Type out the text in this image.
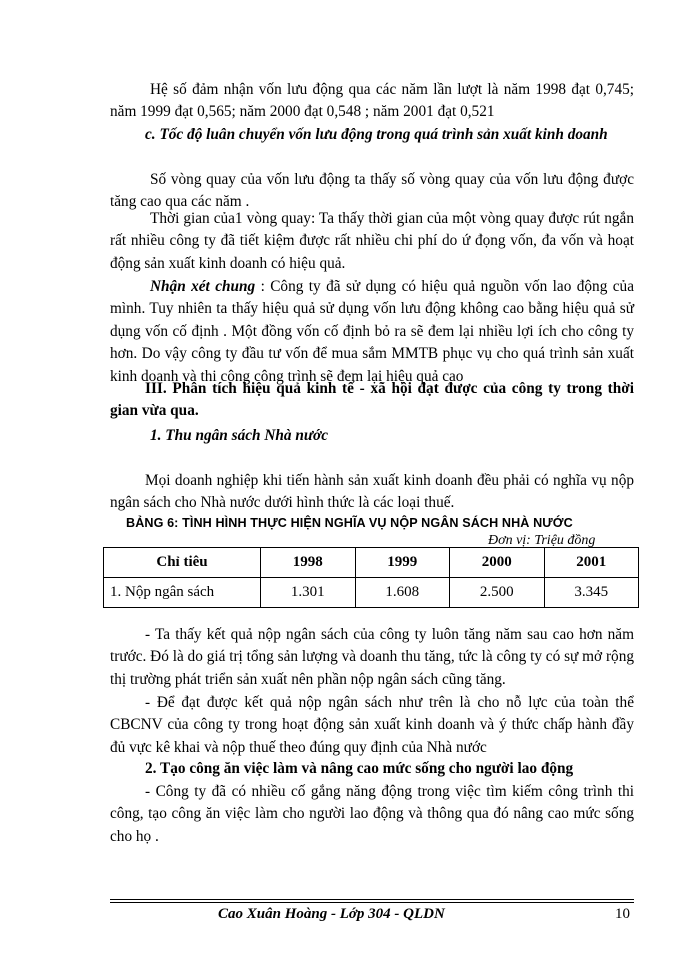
Hệ số đảm nhận vốn lưu động qua các năm lần lượt là năm 1998 đạt 0,745; năm 1999 đạt 0,565; năm 2000 đạt 0,548 ; năm 2001 đạt 0,521

c. Tốc độ luân chuyển vốn lưu động trong quá trình sản xuất kinh doanh

Số vòng quay của vốn lưu động ta thấy số vòng quay của vốn lưu động được tăng cao qua các năm .

Thời gian của1 vòng quay: Ta thấy thời gian của một vòng quay được rút ngắn rất nhiều công ty đã tiết kiệm được rất nhiều chi phí do ứ đọng vốn, đa vốn và hoạt động sản xuất kinh doanh có hiệu quả.

Nhận xét chung : Công ty đã sử dụng có hiệu quả nguồn vốn lao động của mình. Tuy nhiên ta thấy hiệu quả sử dụng vốn lưu động không cao bằng hiệu quả sử dụng vốn cố định . Một đồng vốn cố định bỏ ra sẽ đem lại nhiều lợi ích cho công ty hơn. Do vậy công ty đầu tư vốn để mua sắm MMTB phục vụ cho quá trình sản xuất kinh doanh và thi công công trình sẽ đem lại hiệu quả cao

III. Phân tích hiệu quả kinh tế - xã hội đạt được của công ty trong thời gian vừa qua.

1. Thu ngân sách Nhà nước

Mọi doanh nghiệp khi tiến hành sản xuất kinh doanh đều phải có nghĩa vụ nộp ngân sách cho Nhà nước dưới hình thức là các loại thuế.

BẢNG 6: TÌNH HÌNH THỰC HIỆN NGHĨA VỤ NỘP NGÂN SÁCH NHÀ NƯỚC
Đơn vị: Triệu đồng
Chỉ tiêu	1998	1999	2000	2001
1. Nộp ngân sách	1.301	1.608	2.500	3.345

- Ta thấy kết quả nộp ngân sách của công ty luôn tăng năm sau cao hơn năm trước. Đó là do giá trị tổng sản lượng và doanh thu tăng, tức là công ty có sự mở rộng thị trường phát triển sản xuất nên phần nộp ngân sách cũng tăng.

- Để đạt được kết quả nộp ngân sách như trên là cho nỗ lực của toàn thể CBCNV của công ty trong hoạt động sản xuất kinh doanh và ý thức chấp hành đầy đủ vực kê khai và nộp thuế theo đúng quy định của Nhà nước

2. Tạo công ăn việc làm và nâng cao mức sống cho người lao động

- Công ty đã có nhiều cố gắng năng động trong việc tìm kiếm công trình thi công, tạo công ăn việc làm cho người lao động và thông qua đó nâng cao mức sống cho họ .

Cao Xuân Hoàng - Lớp 304 - QLDN	10
